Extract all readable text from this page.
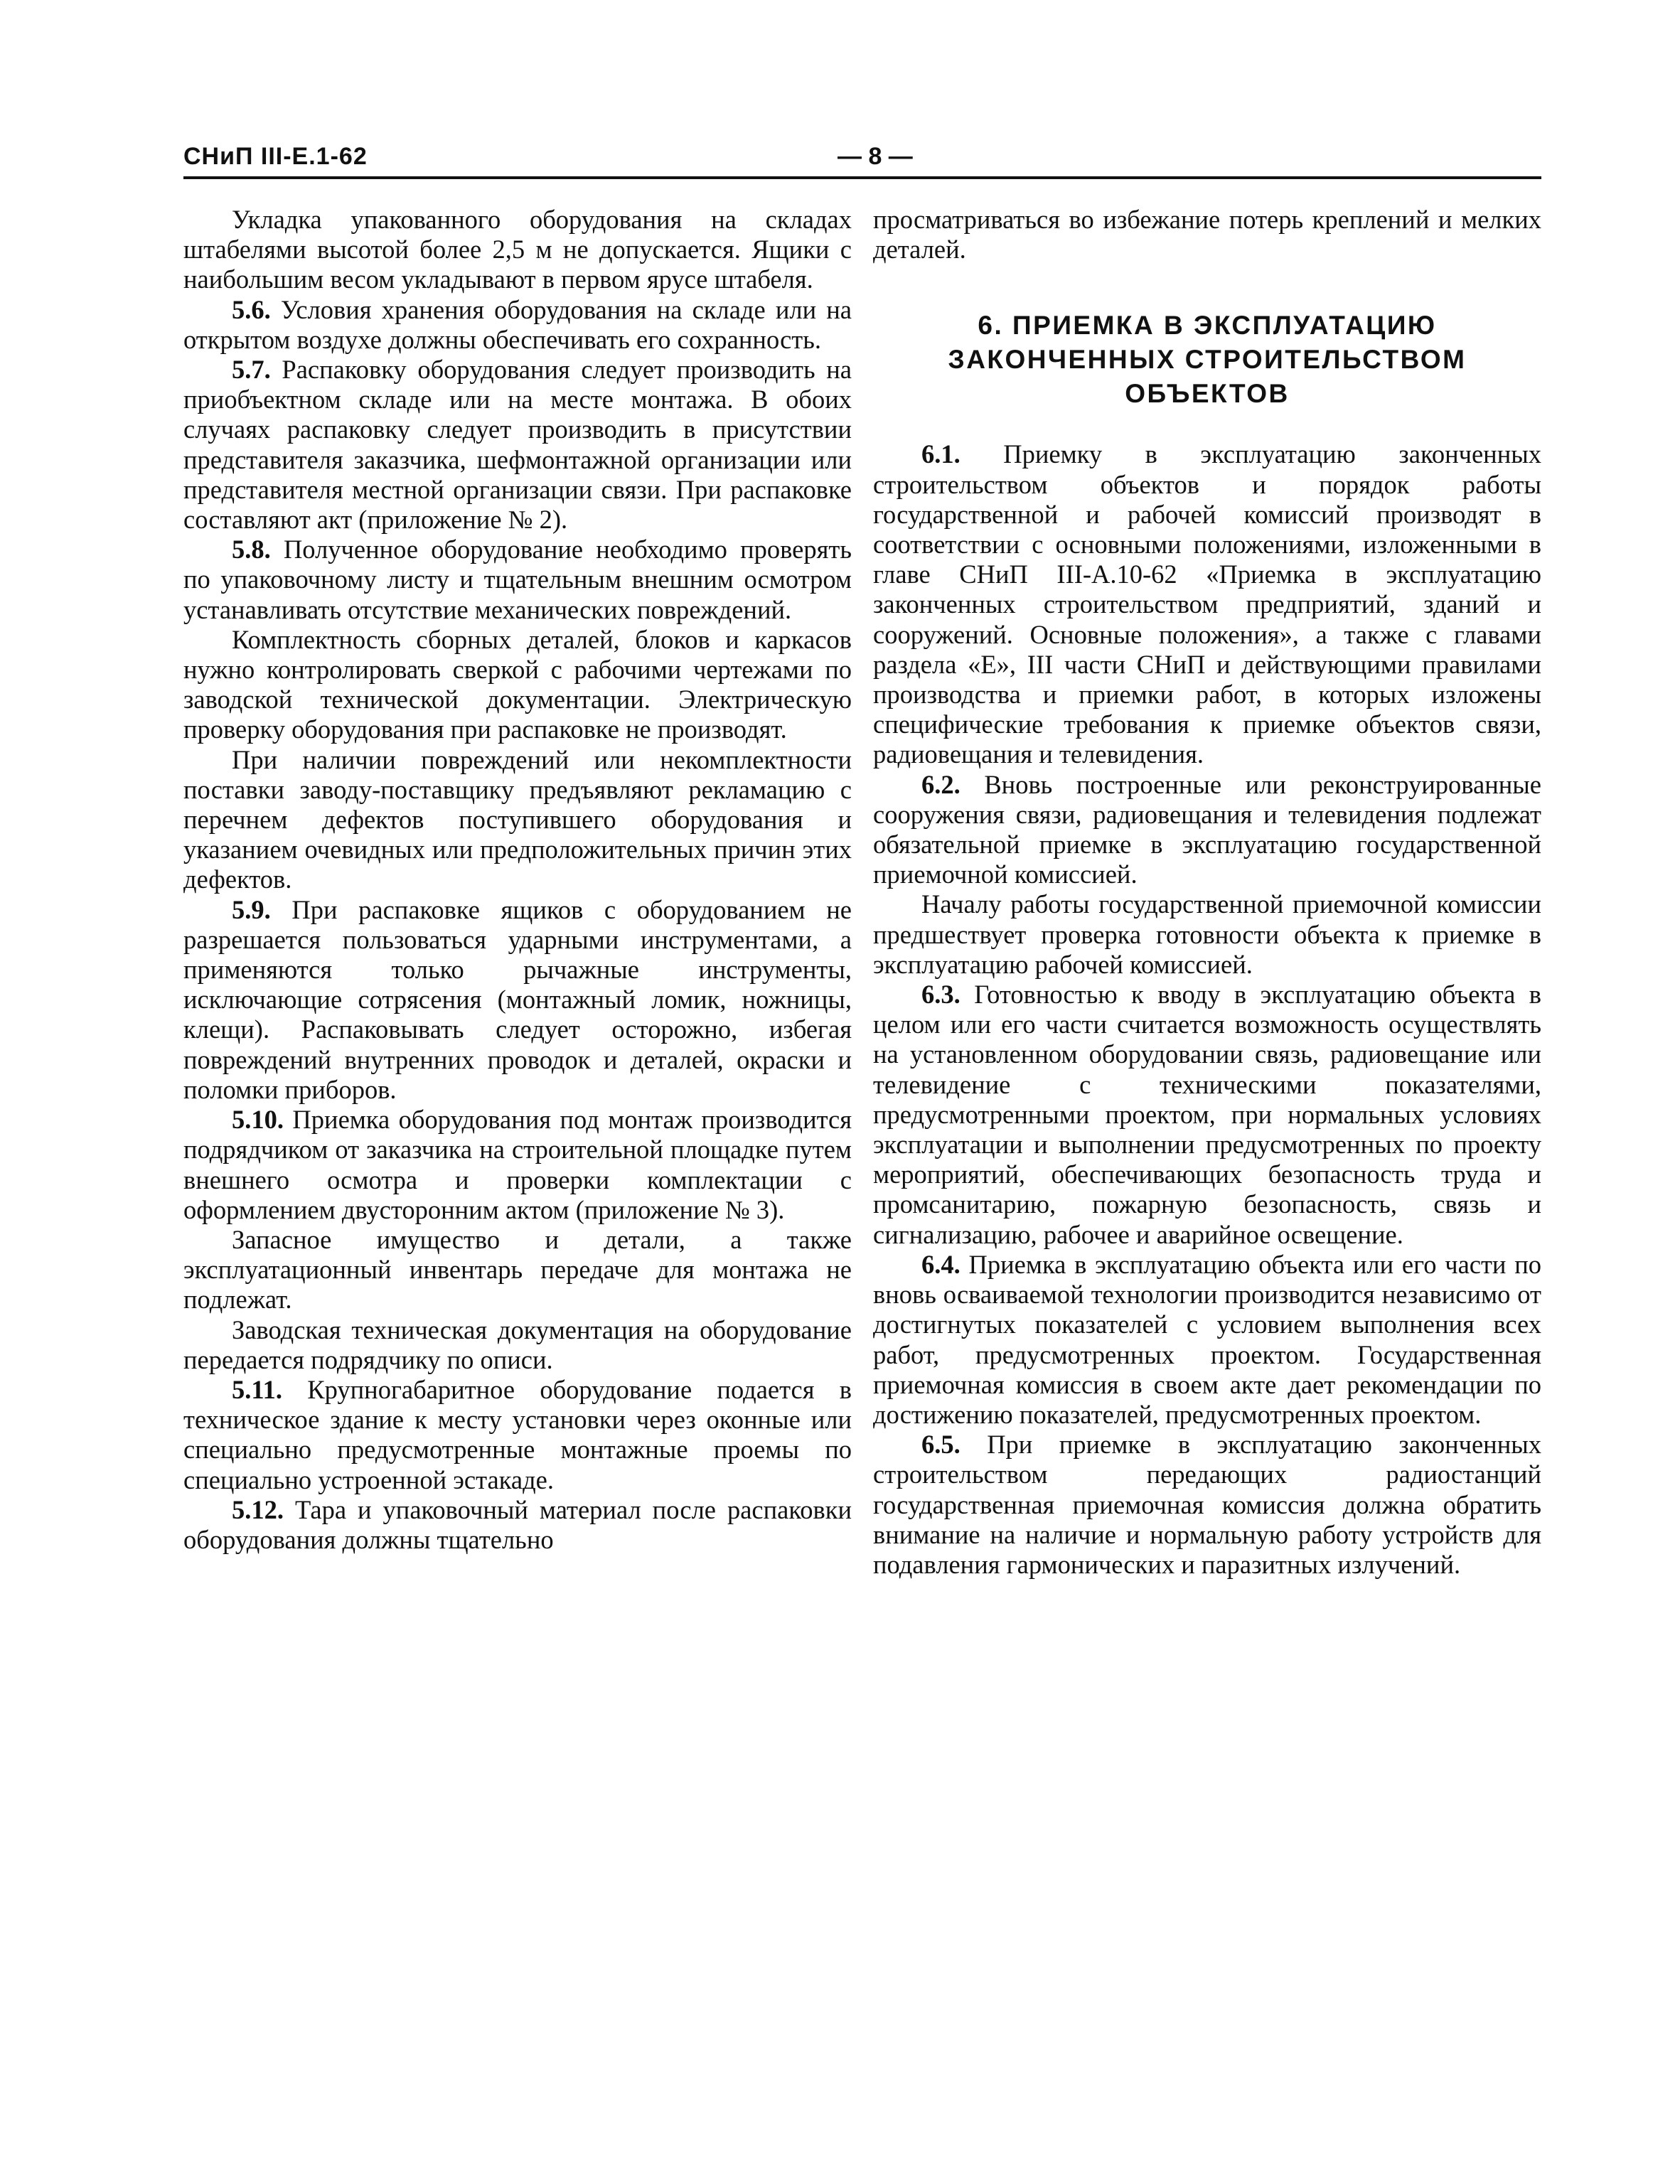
СНиП III-Е.1-62	— 8 —

Укладка упакованного оборудования на складах штабелями высотой более 2,5 м не допускается. Ящики с наибольшим весом укладывают в первом ярусе штабеля.

5.6. Условия хранения оборудования на складе или на открытом воздухе должны обеспечивать его сохранность.

5.7. Распаковку оборудования следует производить на приобъектном складе или на месте монтажа. В обоих случаях распаковку следует производить в присутствии представителя заказчика, шефмонтажной организации или представителя местной организации связи. При распаковке составляют акт (приложение № 2).

5.8. Полученное оборудование необходимо проверять по упаковочному листу и тщательным внешним осмотром устанавливать отсутствие механических повреждений.

Комплектность сборных деталей, блоков и каркасов нужно контролировать сверкой с рабочими чертежами по заводской технической документации. Электрическую проверку оборудования при распаковке не производят.

При наличии повреждений или некомплектности поставки заводу-поставщику предъявляют рекламацию с перечнем дефектов поступившего оборудования и указанием очевидных или предположительных причин этих дефектов.

5.9. При распаковке ящиков с оборудованием не разрешается пользоваться ударными инструментами, а применяются только рычажные инструменты, исключающие сотрясения (монтажный ломик, ножницы, клещи). Распаковывать следует осторожно, избегая повреждений внутренних проводок и деталей, окраски и поломки приборов.

5.10. Приемка оборудования под монтаж производится подрядчиком от заказчика на строительной площадке путем внешнего осмотра и проверки комплектации с оформлением двусторонним актом (приложение № 3).

Запасное имущество и детали, а также эксплуатационный инвентарь передаче для монтажа не подлежат.

Заводская техническая документация на оборудование передается подрядчику по описи.

5.11. Крупногабаритное оборудование подается в техническое здание к месту установки через оконные или специально предусмотренные монтажные проемы по специально устроенной эстакаде.

5.12. Тара и упаковочный материал после распаковки оборудования должны тщательно

просматриваться во избежание потерь креплений и мелких деталей.

6. ПРИЕМКА В ЭКСПЛУАТАЦИЮ
ЗАКОНЧЕННЫХ СТРОИТЕЛЬСТВОМ
ОБЪЕКТОВ

6.1. Приемку в эксплуатацию законченных строительством объектов и порядок работы государственной и рабочей комиссий производят в соответствии с основными положениями, изложенными в главе СНиП III-А.10-62 «Приемка в эксплуатацию законченных строительством предприятий, зданий и сооружений. Основные положения», а также с главами раздела «Е», III части СНиП и действующими правилами производства и приемки работ, в которых изложены специфические требования к приемке объектов связи, радиовещания и телевидения.

6.2. Вновь построенные или реконструированные сооружения связи, радиовещания и телевидения подлежат обязательной приемке в эксплуатацию государственной приемочной комиссией.

Началу работы государственной приемочной комиссии предшествует проверка готовности объекта к приемке в эксплуатацию рабочей комиссией.

6.3. Готовностью к вводу в эксплуатацию объекта в целом или его части считается возможность осуществлять на установленном оборудовании связь, радиовещание или телевидение с техническими показателями, предусмотренными проектом, при нормальных условиях эксплуатации и выполнении предусмотренных по проекту мероприятий, обеспечивающих безопасность труда и промсанитарию, пожарную безопасность, связь и сигнализацию, рабочее и аварийное освещение.

6.4. Приемка в эксплуатацию объекта или его части по вновь осваиваемой технологии производится независимо от достигнутых показателей с условием выполнения всех работ, предусмотренных проектом. Государственная приемочная комиссия в своем акте дает рекомендации по достижению показателей, предусмотренных проектом.

6.5. При приемке в эксплуатацию законченных строительством передающих радиостанций государственная приемочная комиссия должна обратить внимание на наличие и нормальную работу устройств для подавления гармонических и паразитных излучений.
